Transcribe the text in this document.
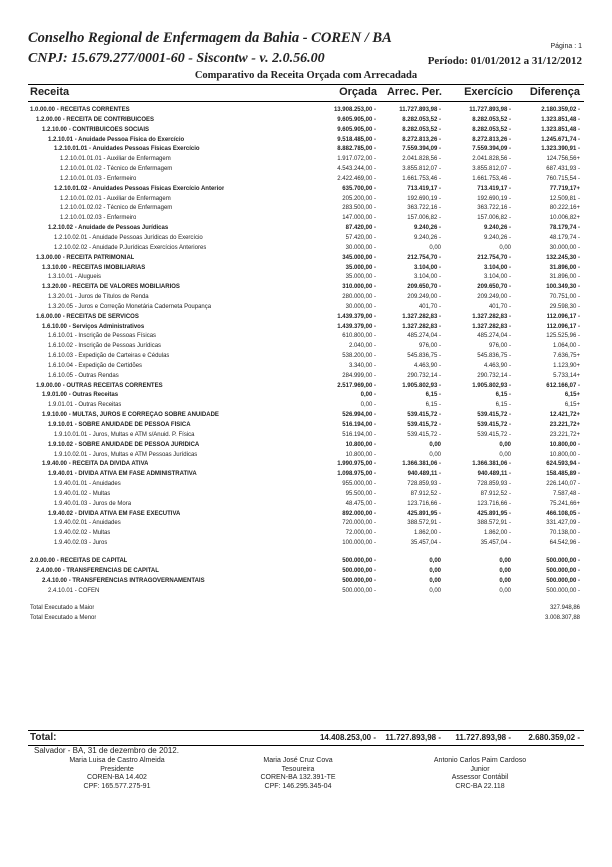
Conselho Regional de Enfermagem da Bahia - COREN / BA
CNPJ: 15.679.277/0001-60 - Siscontw - v. 2.0.56.00
Página : 1
Período: 01/01/2012 a 31/12/2012
Comparativo da Receita Orçada com Arrecadada
Receita	Orçada Arrec. Per. Exercício Diferença
1.0.00.00 - RECEITAS CORRENTES	13.908.253,00 -	11.727.893,98 -	11.727.893,98 -	2.180.359,02 -
1.2.00.00 - RECEITA DE CONTRIBUICOES	9.605.905,00 -	8.282.053,52 -	8.282.053,52 -	1.323.851,48 -
1.2.10.00 - CONTRIBUICOES SOCIAIS	9.605.905,00 -	8.282.053,52 -	8.282.053,52 -	1.323.851,48 -
1.2.10.01 - Anuidade Pessoa Física do Exercício	9.518.485,00 -	8.272.813,26 -	8.272.813,26 -	1.245.671,74 -
1.2.10.01.01 - Anuidades Pessoas Físicas Exercício	8.882.785,00 -	7.559.394,09 -	7.559.394,09 -	1.323.390,91 -
1.2.10.01.01.01 - Auxiliar de Enfermagem	1.917.072,00 -	2.041.828,56 -	2.041.828,56 -	124.756,56+
1.2.10.01.01.02 - Técnico de Enfermagem	4.543.244,00 -	3.855.812,07 -	3.855.812,07 -	687.431,93 -
1.2.10.01.01.03 - Enfermeiro	2.422.469,00 -	1.661.753,46 -	1.661.753,46 -	760.715,54 -
1.2.10.01.02 - Anuidades Pessoas Físicas Exercício Anterior	635.700,00 -	713.419,17 -	713.419,17 -	77.719,17+
1.2.10.01.02.01 - Auxiliar de Enfermagem	205.200,00 -	192.690,19 -	192.690,19 -	12.509,81 -
1.2.10.01.02.02 - Técnico de Enfermagem	283.500,00 -	363.722,16 -	363.722,16 -	80.222,16+
1.2.10.01.02.03 - Enfermeiro	147.000,00 -	157.006,82 -	157.006,82 -	10.006,82+
1.2.10.02 - Anuidade de Pessoas Jurídicas	87.420,00 -	9.240,26 -	9.240,26 -	78.179,74 -
1.2.10.02.01 - Anuidade Pessoas Jurídicas do Exercício	57.420,00 -	9.240,26 -	9.240,26 -	48.179,74 -
1.2.10.02.02 - Anuidade P.Jurídicas Exercícios Anteriores	30.000,00 -	0,00	0,00	30.000,00 -
1.3.00.00 - RECEITA PATRIMONIAL	345.000,00 -	212.754,70 -	212.754,70 -	132.245,30 -
1.3.10.00 - RECEITAS IMOBILIARIAS	35.000,00 -	3.104,00 -	3.104,00 -	31.896,00 -
1.3.10.01 - Alugueis	35.000,00 -	3.104,00 -	3.104,00 -	31.896,00 -
1.3.20.00 - RECEITA DE VALORES MOBILIARIOS	310.000,00 -	209.650,70 -	209.650,70 -	100.349,30 -
1.3.20.01 - Juros de Títulos de Renda	280.000,00 -	209.249,00 -	209.249,00 -	70.751,00 -
1.3.20.05 - Juros e Correção Monetária Caderneta Poupança	30.000,00 -	401,70 -	401,70 -	29.598,30 -
1.6.00.00 - RECEITAS DE SERVICOS	1.439.379,00 -	1.327.282,83 -	1.327.282,83 -	112.096,17 -
1.6.10.00 - Serviços Administrativos	1.439.379,00 -	1.327.282,83 -	1.327.282,83 -	112.096,17 -
1.6.10.01 - Inscrição de Pessoas Físicas	610.800,00 -	485.274,04 -	485.274,04 -	125.525,96 -
1.6.10.02 - Inscrição de Pessoas Jurídicas	2.040,00 -	976,00 -	976,00 -	1.064,00 -
1.6.10.03 - Expedição de Carteiras e Cédulas	538.200,00 -	545.836,75 -	545.836,75 -	7.636,75+
1.6.10.04 - Expedição de Certidões	3.340,00 -	4.463,90 -	4.463,90 -	1.123,90+
1.6.10.05 - Outras Rendas	284.999,00 -	290.732,14 -	290.732,14 -	5.733,14+
1.9.00.00 - OUTRAS RECEITAS CORRENTES	2.517.969,00 -	1.905.802,93 -	1.905.802,93 -	612.166,07 -
1.9.01.00 - Outras Receitas	0,00 -	6,15 -	6,15 -	6,15+
1.9.01.01 - Outras Receitas	0,00 -	6,15 -	6,15 -	6,15+
1.9.10.00 - MULTAS, JUROS E CORREÇÃO SOBRE ANUIDADE	526.994,00 -	539.415,72 -	539.415,72 -	12.421,72+
1.9.10.01 - SOBRE ANUIDADE DE PESSOA FÍSICA	516.194,00 -	539.415,72 -	539.415,72 -	23.221,72+
1.9.10.01.01 - Juros, Multas e ATM s/Anuid. P. Física	516.194,00 -	539.415,72 -	539.415,72 -	23.221,72+
1.9.10.02 - SOBRE ANUIDADE DE PESSOA JURÍDICA	10.800,00 -	0,00	0,00	10.800,00 -
1.9.10.02.01 - Juros, Multas e ATM Pessoas Jurídicas	10.800,00 -	0,00	0,00	10.800,00 -
1.9.40.00 - RECEITA DA DIVIDA ATIVA	1.990.975,00 -	1.366.381,06 -	1.366.381,06 -	624.593,94 -
1.9.40.01 - DIVIDA ATIVA EM FASE ADMINISTRATIVA	1.098.975,00 -	940.489,11 -	940.489,11 -	158.485,89 -
1.9.40.01.01 - Anuidades	955.000,00 -	728.859,93 -	728.859,93 -	226.140,07 -
1.9.40.01.02 - Multas	95.500,00 -	87.912,52 -	87.912,52 -	7.587,48 -
1.9.40.01.03 - Juros de Mora	48.475,00 -	123.716,66 -	123.716,66 -	75.241,66+
1.9.40.02 - DIVIDA ATIVA EM FASE EXECUTIVA	892.000,00 -	425.891,95 -	425.891,95 -	466.108,05 -
1.9.40.02.01 - Anuidades	720.000,00 -	388.572,91 -	388.572,91 -	331.427,09 -
1.9.40.02.02 - Multas	72.000,00 -	1.862,00 -	1.862,00 -	70.138,00 -
1.9.40.02.03 - Juros	100.000,00 -	35.457,04 -	35.457,04 -	64.542,96 -
2.0.00.00 - RECEITAS DE CAPITAL	500.000,00 -	0,00	0,00	500.000,00 -
2.4.00.00 - TRANSFERÊNCIAS DE CAPITAL	500.000,00 -	0,00	0,00	500.000,00 -
2.4.10.00 - TRANSFERÊNCIAS INTRAGOVERNAMENTAIS	500.000,00 -	0,00	0,00	500.000,00 -
2.4.10.01 - COFEN	500.000,00 -	0,00	0,00	500.000,00 -
Total Executado a Maior	327.948,86
Total Executado a Menor	3.008.307,88
Total:	14.408.253,00 - 11.727.893,98 - 11.727.893,98 - 2.680.359,02 -
Salvador - BA, 31 de dezembro de 2012.
Maria Luisa de Castro Almeida
Presidente
COREN-BA 14.402
CPF: 165.577.275-91
Maria José Cruz Cova
Tesoureira
COREN-BA 132.391-TE
CPF: 146.295.345-04
Antonio Carlos Paim Cardoso
Junior
Assessor Contábil
CRC-BA 22.118
